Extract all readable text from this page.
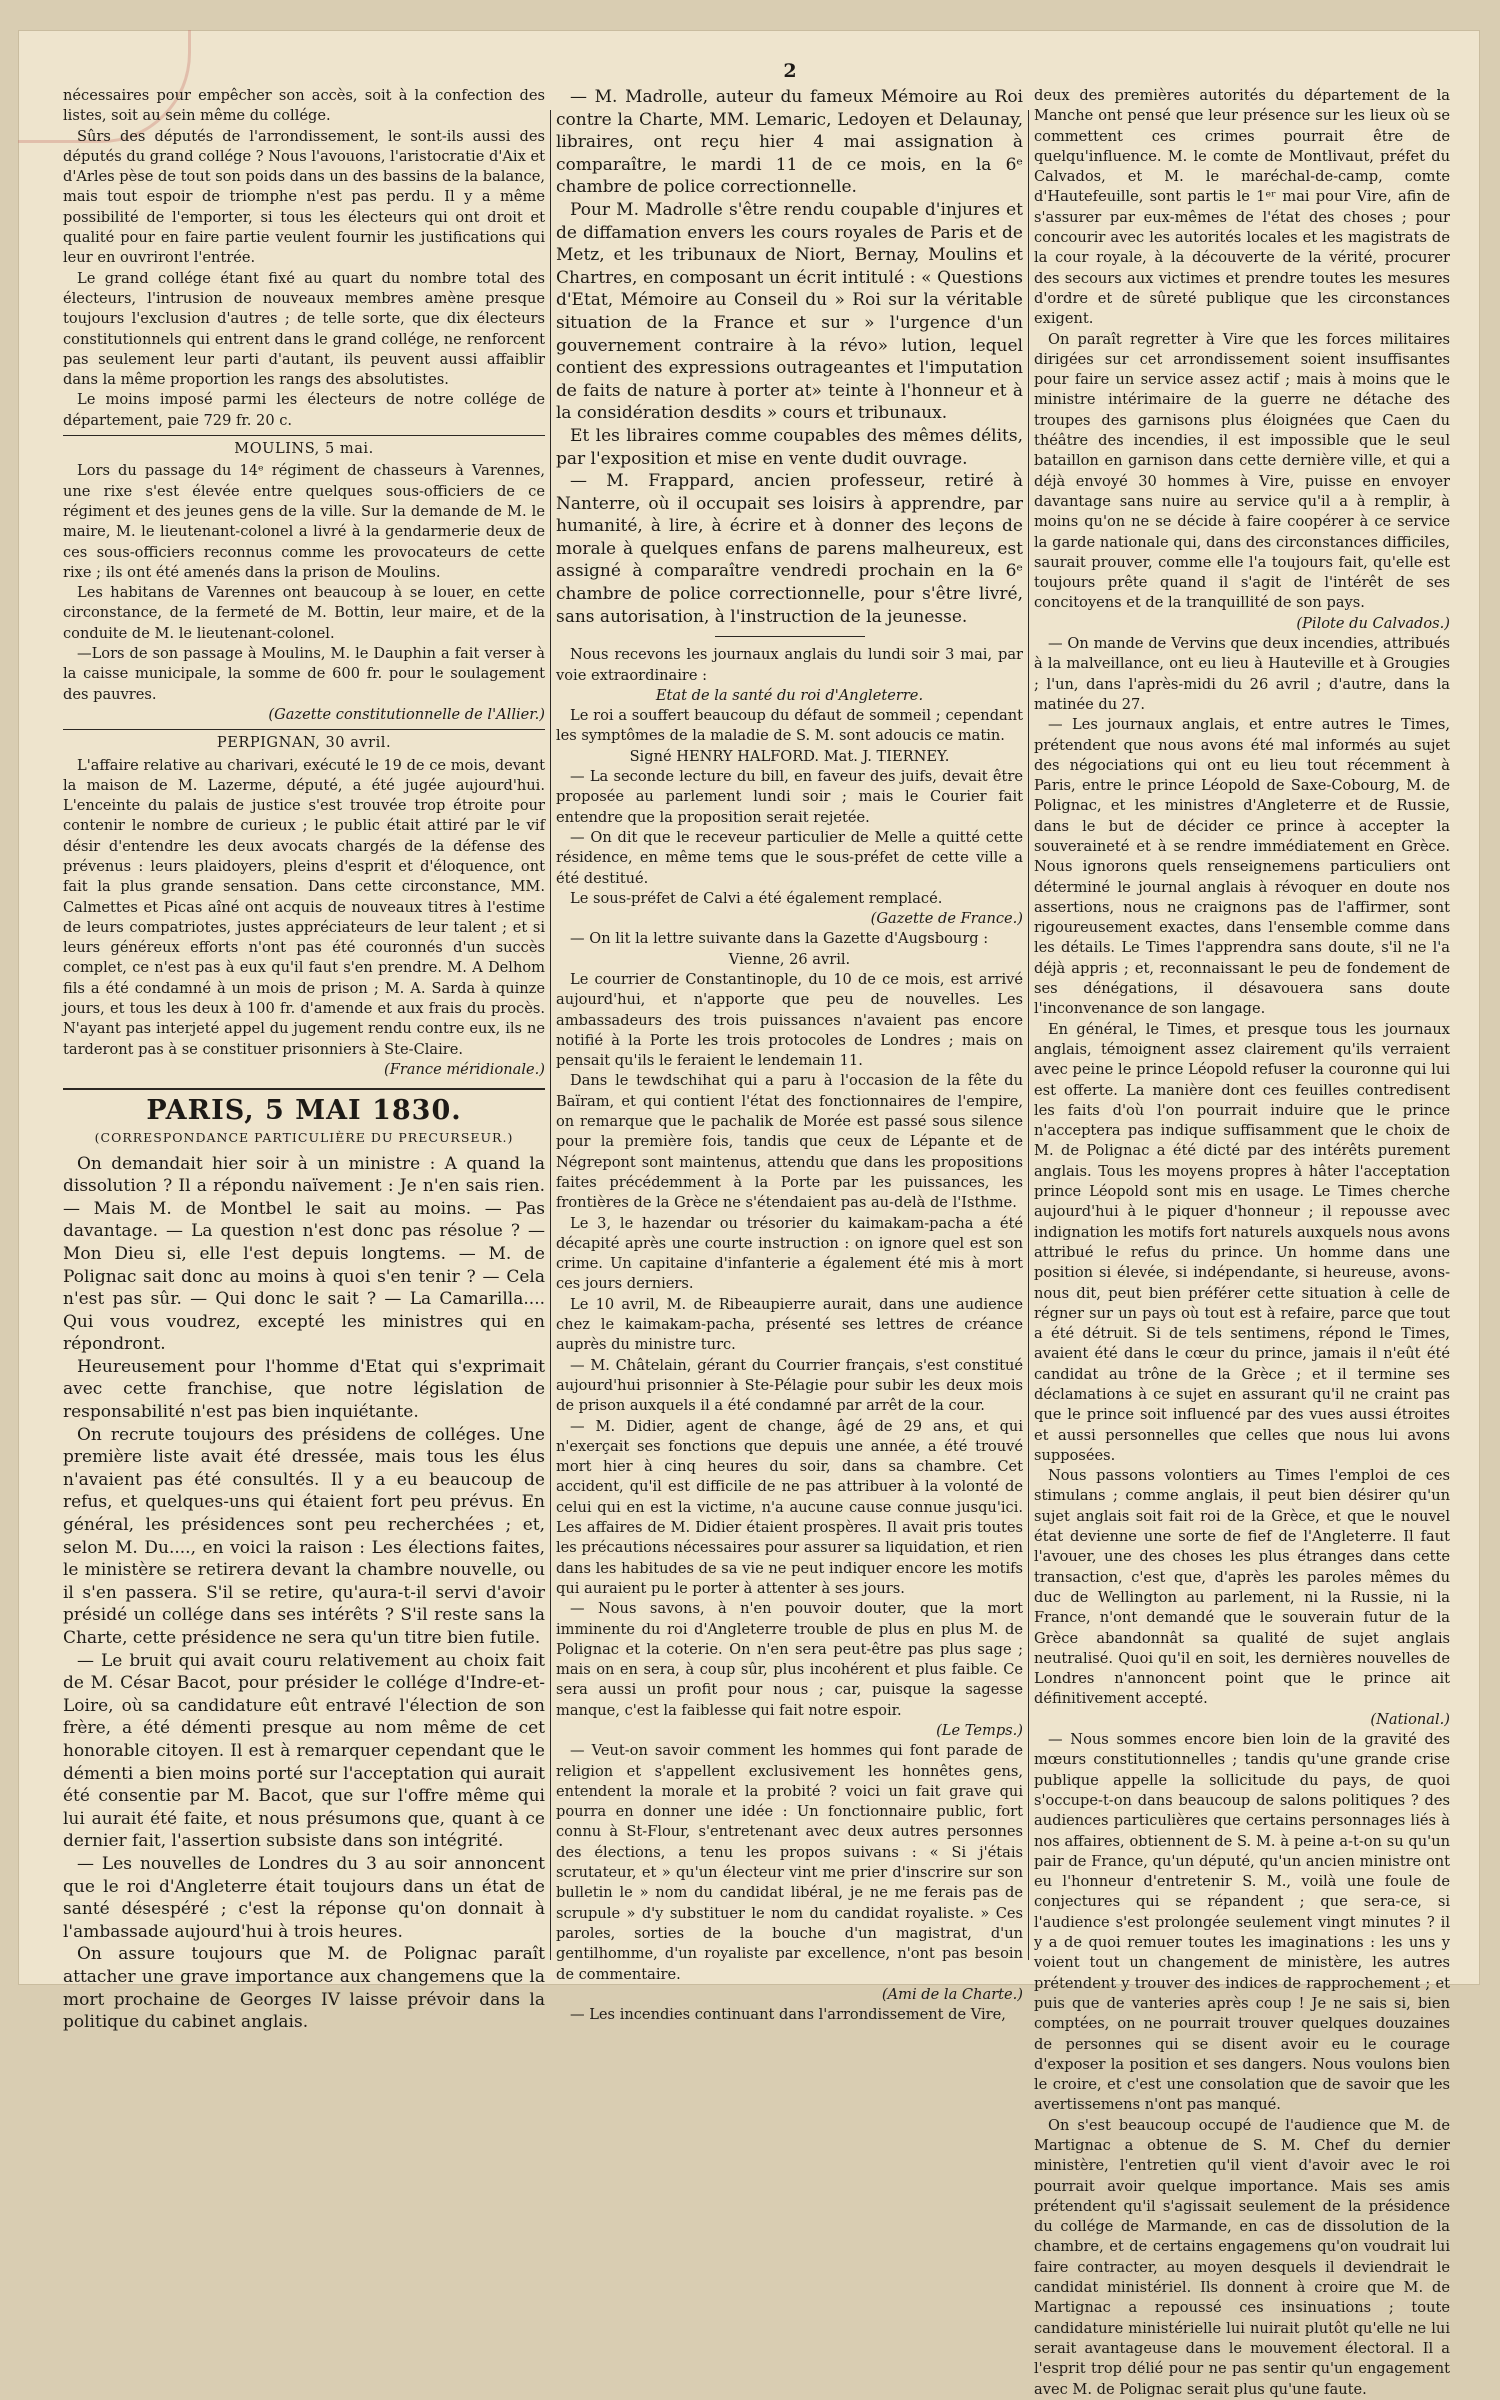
2

nécessaires pour empêcher son accès, soit à la confection des listes, soit au sein même du collége.

Sûrs des députés de l'arrondissement, le sont-ils aussi des députés du grand collége ? Nous l'avouons, l'aristocratie d'Aix et d'Arles pèse de tout son poids dans un des bassins de la balance, mais tout espoir de triomphe n'est pas perdu. Il y a même possibilité de l'emporter, si tous les électeurs qui ont droit et qualité pour en faire partie veulent fournir les justifications qui leur en ouvriront l'entrée.

Le grand collége étant fixé au quart du nombre total des électeurs, l'intrusion de nouveaux membres amène presque toujours l'exclusion d'autres ; de telle sorte, que dix électeurs constitutionnels qui entrent dans le grand collége, ne renforcent pas seulement leur parti d'autant, ils peuvent aussi affaiblir dans la même proportion les rangs des absolutistes.

Le moins imposé parmi les électeurs de notre collége de département, paie 729 fr. 20 c.

MOULINS, 5 mai.

Lors du passage du 14ᵉ régiment de chasseurs à Varennes, une rixe s'est élevée entre quelques sous-officiers de ce régiment et des jeunes gens de la ville. Sur la demande de M. le maire, M. le lieutenant-colonel a livré à la gendarmerie deux de ces sous-officiers reconnus comme les provocateurs de cette rixe ; ils ont été amenés dans la prison de Moulins.

Les habitans de Varennes ont beaucoup à se louer, en cette circonstance, de la fermeté de M. Bottin, leur maire, et de la conduite de M. le lieutenant-colonel.

—Lors de son passage à Moulins, M. le Dauphin a fait verser à la caisse municipale, la somme de 600 fr. pour le soulagement des pauvres.

(Gazette constitutionnelle de l'Allier.)

PERPIGNAN, 30 avril.

L'affaire relative au charivari, exécuté le 19 de ce mois, devant la maison de M. Lazerme, député, a été jugée aujourd'hui. L'enceinte du palais de justice s'est trouvée trop étroite pour contenir le nombre de curieux ; le public était attiré par le vif désir d'entendre les deux avocats chargés de la défense des prévenus : leurs plaidoyers, pleins d'esprit et d'éloquence, ont fait la plus grande sensation. Dans cette circonstance, MM. Calmettes et Picas aîné ont acquis de nouveaux titres à l'estime de leurs compatriotes, justes appréciateurs de leur talent ; et si leurs généreux efforts n'ont pas été couronnés d'un succès complet, ce n'est pas à eux qu'il faut s'en prendre. M. A Delhom fils a été condamné à un mois de prison ; M. A. Sarda à quinze jours, et tous les deux à 100 fr. d'amende et aux frais du procès. N'ayant pas interjeté appel du jugement rendu contre eux, ils ne tarderont pas à se constituer prisonniers à Ste-Claire.

(France méridionale.)

PARIS, 5 MAI 1830.

(CORRESPONDANCE PARTICULIÈRE DU PRECURSEUR.)

On demandait hier soir à un ministre : A quand la dissolution ? Il a répondu naïvement : Je n'en sais rien. — Mais M. de Montbel le sait au moins. — Pas davantage. — La question n'est donc pas résolue ? — Mon Dieu si, elle l'est depuis longtems. — M. de Polignac sait donc au moins à quoi s'en tenir ? — Cela n'est pas sûr. — Qui donc le sait ? — La Camarilla.... Qui vous voudrez, excepté les ministres qui en répondront.

Heureusement pour l'homme d'Etat qui s'exprimait avec cette franchise, que notre législation de responsabilité n'est pas bien inquiétante.

On recrute toujours des présidens de colléges. Une première liste avait été dressée, mais tous les élus n'avaient pas été consultés. Il y a eu beaucoup de refus, et quelques-uns qui étaient fort peu prévus. En général, les présidences sont peu recherchées ; et, selon M. Du...., en voici la raison : Les élections faites, le ministère se retirera devant la chambre nouvelle, ou il s'en passera. S'il se retire, qu'aura-t-il servi d'avoir présidé un collége dans ses intérêts ? S'il reste sans la Charte, cette présidence ne sera qu'un titre bien futile.

— Le bruit qui avait couru relativement au choix fait de M. César Bacot, pour présider le collége d'Indre-et-Loire, où sa candidature eût entravé l'élection de son frère, a été démenti presque au nom même de cet honorable citoyen. Il est à remarquer cependant que le démenti a bien moins porté sur l'acceptation qui aurait été consentie par M. Bacot, que sur l'offre même qui lui aurait été faite, et nous présumons que, quant à ce dernier fait, l'assertion subsiste dans son intégrité.

— Les nouvelles de Londres du 3 au soir annoncent que le roi d'Angleterre était toujours dans un état de santé désespéré ; c'est la réponse qu'on donnait à l'ambassade aujourd'hui à trois heures.

On assure toujours que M. de Polignac paraît attacher une grave importance aux changemens que la mort prochaine de Georges IV laisse prévoir dans la politique du cabinet anglais.

— M. Madrolle, auteur du fameux Mémoire au Roi contre la Charte, MM. Lemaric, Ledoyen et Delaunay, libraires, ont reçu hier 4 mai assignation à comparaître, le mardi 11 de ce mois, en la 6ᵉ chambre de police correctionnelle.

Pour M. Madrolle s'être rendu coupable d'injures et de diffamation envers les cours royales de Paris et de Metz, et les tribunaux de Niort, Bernay, Moulins et Chartres, en composant un écrit intitulé : « Questions d'Etat, Mémoire au Conseil du » Roi sur la véritable situation de la France et sur » l'urgence d'un gouvernement contraire à la révo» lution, lequel contient des expressions outrageantes et l'imputation de faits de nature à porter at» teinte à l'honneur et à la considération desdits » cours et tribunaux.

Et les libraires comme coupables des mêmes délits, par l'exposition et mise en vente dudit ouvrage.

— M. Frappard, ancien professeur, retiré à Nanterre, où il occupait ses loisirs à apprendre, par humanité, à lire, à écrire et à donner des leçons de morale à quelques enfans de parens malheureux, est assigné à comparaître vendredi prochain en la 6ᵉ chambre de police correctionnelle, pour s'être livré, sans autorisation, à l'instruction de la jeunesse.

Nous recevons les journaux anglais du lundi soir 3 mai, par voie extraordinaire :

Etat de la santé du roi d'Angleterre.

Le roi a souffert beaucoup du défaut de sommeil ; cependant les symptômes de la maladie de S. M. sont adoucis ce matin.

Signé HENRY HALFORD. Mat. J. TIERNEY.

— La seconde lecture du bill, en faveur des juifs, devait être proposée au parlement lundi soir ; mais le Courier fait entendre que la proposition serait rejetée.

— On dit que le receveur particulier de Melle a quitté cette résidence, en même tems que le sous-préfet de cette ville a été destitué.

Le sous-préfet de Calvi a été également remplacé.

(Gazette de France.)

— On lit la lettre suivante dans la Gazette d'Augsbourg :

Vienne, 26 avril.

Le courrier de Constantinople, du 10 de ce mois, est arrivé aujourd'hui, et n'apporte que peu de nouvelles. Les ambassadeurs des trois puissances n'avaient pas encore notifié à la Porte les trois protocoles de Londres ; mais on pensait qu'ils le feraient le lendemain 11.

Dans le tewdschihat qui a paru à l'occasion de la fête du Baïram, et qui contient l'état des fonctionnaires de l'empire, on remarque que le pachalik de Morée est passé sous silence pour la première fois, tandis que ceux de Lépante et de Négrepont sont maintenus, attendu que dans les propositions faites précédemment à la Porte par les puissances, les frontières de la Grèce ne s'étendaient pas au-delà de l'Isthme.

Le 3, le hazendar ou trésorier du kaimakam-pacha a été décapité après une courte instruction : on ignore quel est son crime. Un capitaine d'infanterie a également été mis à mort ces jours derniers.

Le 10 avril, M. de Ribeaupierre aurait, dans une audience chez le kaimakam-pacha, présenté ses lettres de créance auprès du ministre turc.

— M. Châtelain, gérant du Courrier français, s'est constitué aujourd'hui prisonnier à Ste-Pélagie pour subir les deux mois de prison auxquels il a été condamné par arrêt de la cour.

— M. Didier, agent de change, âgé de 29 ans, et qui n'exerçait ses fonctions que depuis une année, a été trouvé mort hier à cinq heures du soir, dans sa chambre. Cet accident, qu'il est difficile de ne pas attribuer à la volonté de celui qui en est la victime, n'a aucune cause connue jusqu'ici. Les affaires de M. Didier étaient prospères. Il avait pris toutes les précautions nécessaires pour assurer sa liquidation, et rien dans les habitudes de sa vie ne peut indiquer encore les motifs qui auraient pu le porter à attenter à ses jours.

— Nous savons, à n'en pouvoir douter, que la mort imminente du roi d'Angleterre trouble de plus en plus M. de Polignac et la coterie. On n'en sera peut-être pas plus sage ; mais on en sera, à coup sûr, plus incohérent et plus faible. Ce sera aussi un profit pour nous ; car, puisque la sagesse manque, c'est la faiblesse qui fait notre espoir.

(Le Temps.)

— Veut-on savoir comment les hommes qui font parade de religion et s'appellent exclusivement les honnêtes gens, entendent la morale et la probité ? voici un fait grave qui pourra en donner une idée : Un fonctionnaire public, fort connu à St-Flour, s'entretenant avec deux autres personnes des élections, a tenu les propos suivans : « Si j'étais scrutateur, et » qu'un électeur vint me prier d'inscrire sur son bulletin le » nom du candidat libéral, je ne me ferais pas de scrupule » d'y substituer le nom du candidat royaliste. » Ces paroles, sorties de la bouche d'un magistrat, d'un gentilhomme, d'un royaliste par excellence, n'ont pas besoin de commentaire.

(Ami de la Charte.)

— Les incendies continuant dans l'arrondissement de Vire,

deux des premières autorités du département de la Manche ont pensé que leur présence sur les lieux où se commettent ces crimes pourrait être de quelqu'influence. M. le comte de Montlivaut, préfet du Calvados, et M. le maréchal-de-camp, comte d'Hautefeuille, sont partis le 1ᵉʳ mai pour Vire, afin de s'assurer par eux-mêmes de l'état des choses ; pour concourir avec les autorités locales et les magistrats de la cour royale, à la découverte de la vérité, procurer des secours aux victimes et prendre toutes les mesures d'ordre et de sûreté publique que les circonstances exigent.

On paraît regretter à Vire que les forces militaires dirigées sur cet arrondissement soient insuffisantes pour faire un service assez actif ; mais à moins que le ministre intérimaire de la guerre ne détache des troupes des garnisons plus éloignées que Caen du théâtre des incendies, il est impossible que le seul bataillon en garnison dans cette dernière ville, et qui a déjà envoyé 30 hommes à Vire, puisse en envoyer davantage sans nuire au service qu'il a à remplir, à moins qu'on ne se décide à faire coopérer à ce service la garde nationale qui, dans des circonstances difficiles, saurait prouver, comme elle l'a toujours fait, qu'elle est toujours prête quand il s'agit de l'intérêt de ses concitoyens et de la tranquillité de son pays.

(Pilote du Calvados.)

— On mande de Vervins que deux incendies, attribués à la malveillance, ont eu lieu à Hauteville et à Grougies ; l'un, dans l'après-midi du 26 avril ; d'autre, dans la matinée du 27.

— Les journaux anglais, et entre autres le Times, prétendent que nous avons été mal informés au sujet des négociations qui ont eu lieu tout récemment à Paris, entre le prince Léopold de Saxe-Cobourg, M. de Polignac, et les ministres d'Angleterre et de Russie, dans le but de décider ce prince à accepter la souveraineté et à se rendre immédiatement en Grèce. Nous ignorons quels renseignemens particuliers ont déterminé le journal anglais à révoquer en doute nos assertions, nous ne craignons pas de l'affirmer, sont rigoureusement exactes, dans l'ensemble comme dans les détails. Le Times l'apprendra sans doute, s'il ne l'a déjà appris ; et, reconnaissant le peu de fondement de ses dénégations, il désavouera sans doute l'inconvenance de son langage.

En général, le Times, et presque tous les journaux anglais, témoignent assez clairement qu'ils verraient avec peine le prince Léopold refuser la couronne qui lui est offerte. La manière dont ces feuilles contredisent les faits d'où l'on pourrait induire que le prince n'acceptera pas indique suffisamment que le choix de M. de Polignac a été dicté par des intérêts purement anglais. Tous les moyens propres à hâter l'acceptation prince Léopold sont mis en usage. Le Times cherche aujourd'hui à le piquer d'honneur ; il repousse avec indignation les motifs fort naturels auxquels nous avons attribué le refus du prince. Un homme dans une position si élevée, si indépendante, si heureuse, avons-nous dit, peut bien préférer cette situation à celle de régner sur un pays où tout est à refaire, parce que tout a été détruit. Si de tels sentimens, répond le Times, avaient été dans le cœur du prince, jamais il n'eût été candidat au trône de la Grèce ; et il termine ses déclamations à ce sujet en assurant qu'il ne craint pas que le prince soit influencé par des vues aussi étroites et aussi personnelles que celles que nous lui avons supposées.

Nous passons volontiers au Times l'emploi de ces stimulans ; comme anglais, il peut bien désirer qu'un sujet anglais soit fait roi de la Grèce, et que le nouvel état devienne une sorte de fief de l'Angleterre. Il faut l'avouer, une des choses les plus étranges dans cette transaction, c'est que, d'après les paroles mêmes du duc de Wellington au parlement, ni la Russie, ni la France, n'ont demandé que le souverain futur de la Grèce abandonnât sa qualité de sujet anglais neutralisé. Quoi qu'il en soit, les dernières nouvelles de Londres n'annoncent point que le prince ait définitivement accepté.

(National.)

— Nous sommes encore bien loin de la gravité des mœurs constitutionnelles ; tandis qu'une grande crise publique appelle la sollicitude du pays, de quoi s'occupe-t-on dans beaucoup de salons politiques ? des audiences particulières que certains personnages liés à nos affaires, obtiennent de S. M. à peine a-t-on su qu'un pair de France, qu'un député, qu'un ancien ministre ont eu l'honneur d'entretenir S. M., voilà une foule de conjectures qui se répandent ; que sera-ce, si l'audience s'est prolongée seulement vingt minutes ? il y a de quoi remuer toutes les imaginations : les uns y voient tout un changement de ministère, les autres prétendent y trouver des indices de rapprochement ; et puis que de vanteries après coup ! Je ne sais si, bien comptées, on ne pourrait trouver quelques douzaines de personnes qui se disent avoir eu le courage d'exposer la position et ses dangers. Nous voulons bien le croire, et c'est une consolation que de savoir que les avertissemens n'ont pas manqué.

On s'est beaucoup occupé de l'audience que M. de Martignac a obtenue de S. M. Chef du dernier ministère, l'entretien qu'il vient d'avoir avec le roi pourrait avoir quelque importance. Mais ses amis prétendent qu'il s'agissait seulement de la présidence du collége de Marmande, en cas de dissolution de la chambre, et de certains engagemens qu'on voudrait lui faire contracter, au moyen desquels il deviendrait le candidat ministériel. Ils donnent à croire que M. de Martignac a repoussé ces insinuations ; toute candidature ministérielle lui nuirait plutôt qu'elle ne lui serait avantageuse dans le mouvement électoral. Il a l'esprit trop délié pour ne pas sentir qu'un engagement avec M. de Polignac serait plus qu'une faute.
